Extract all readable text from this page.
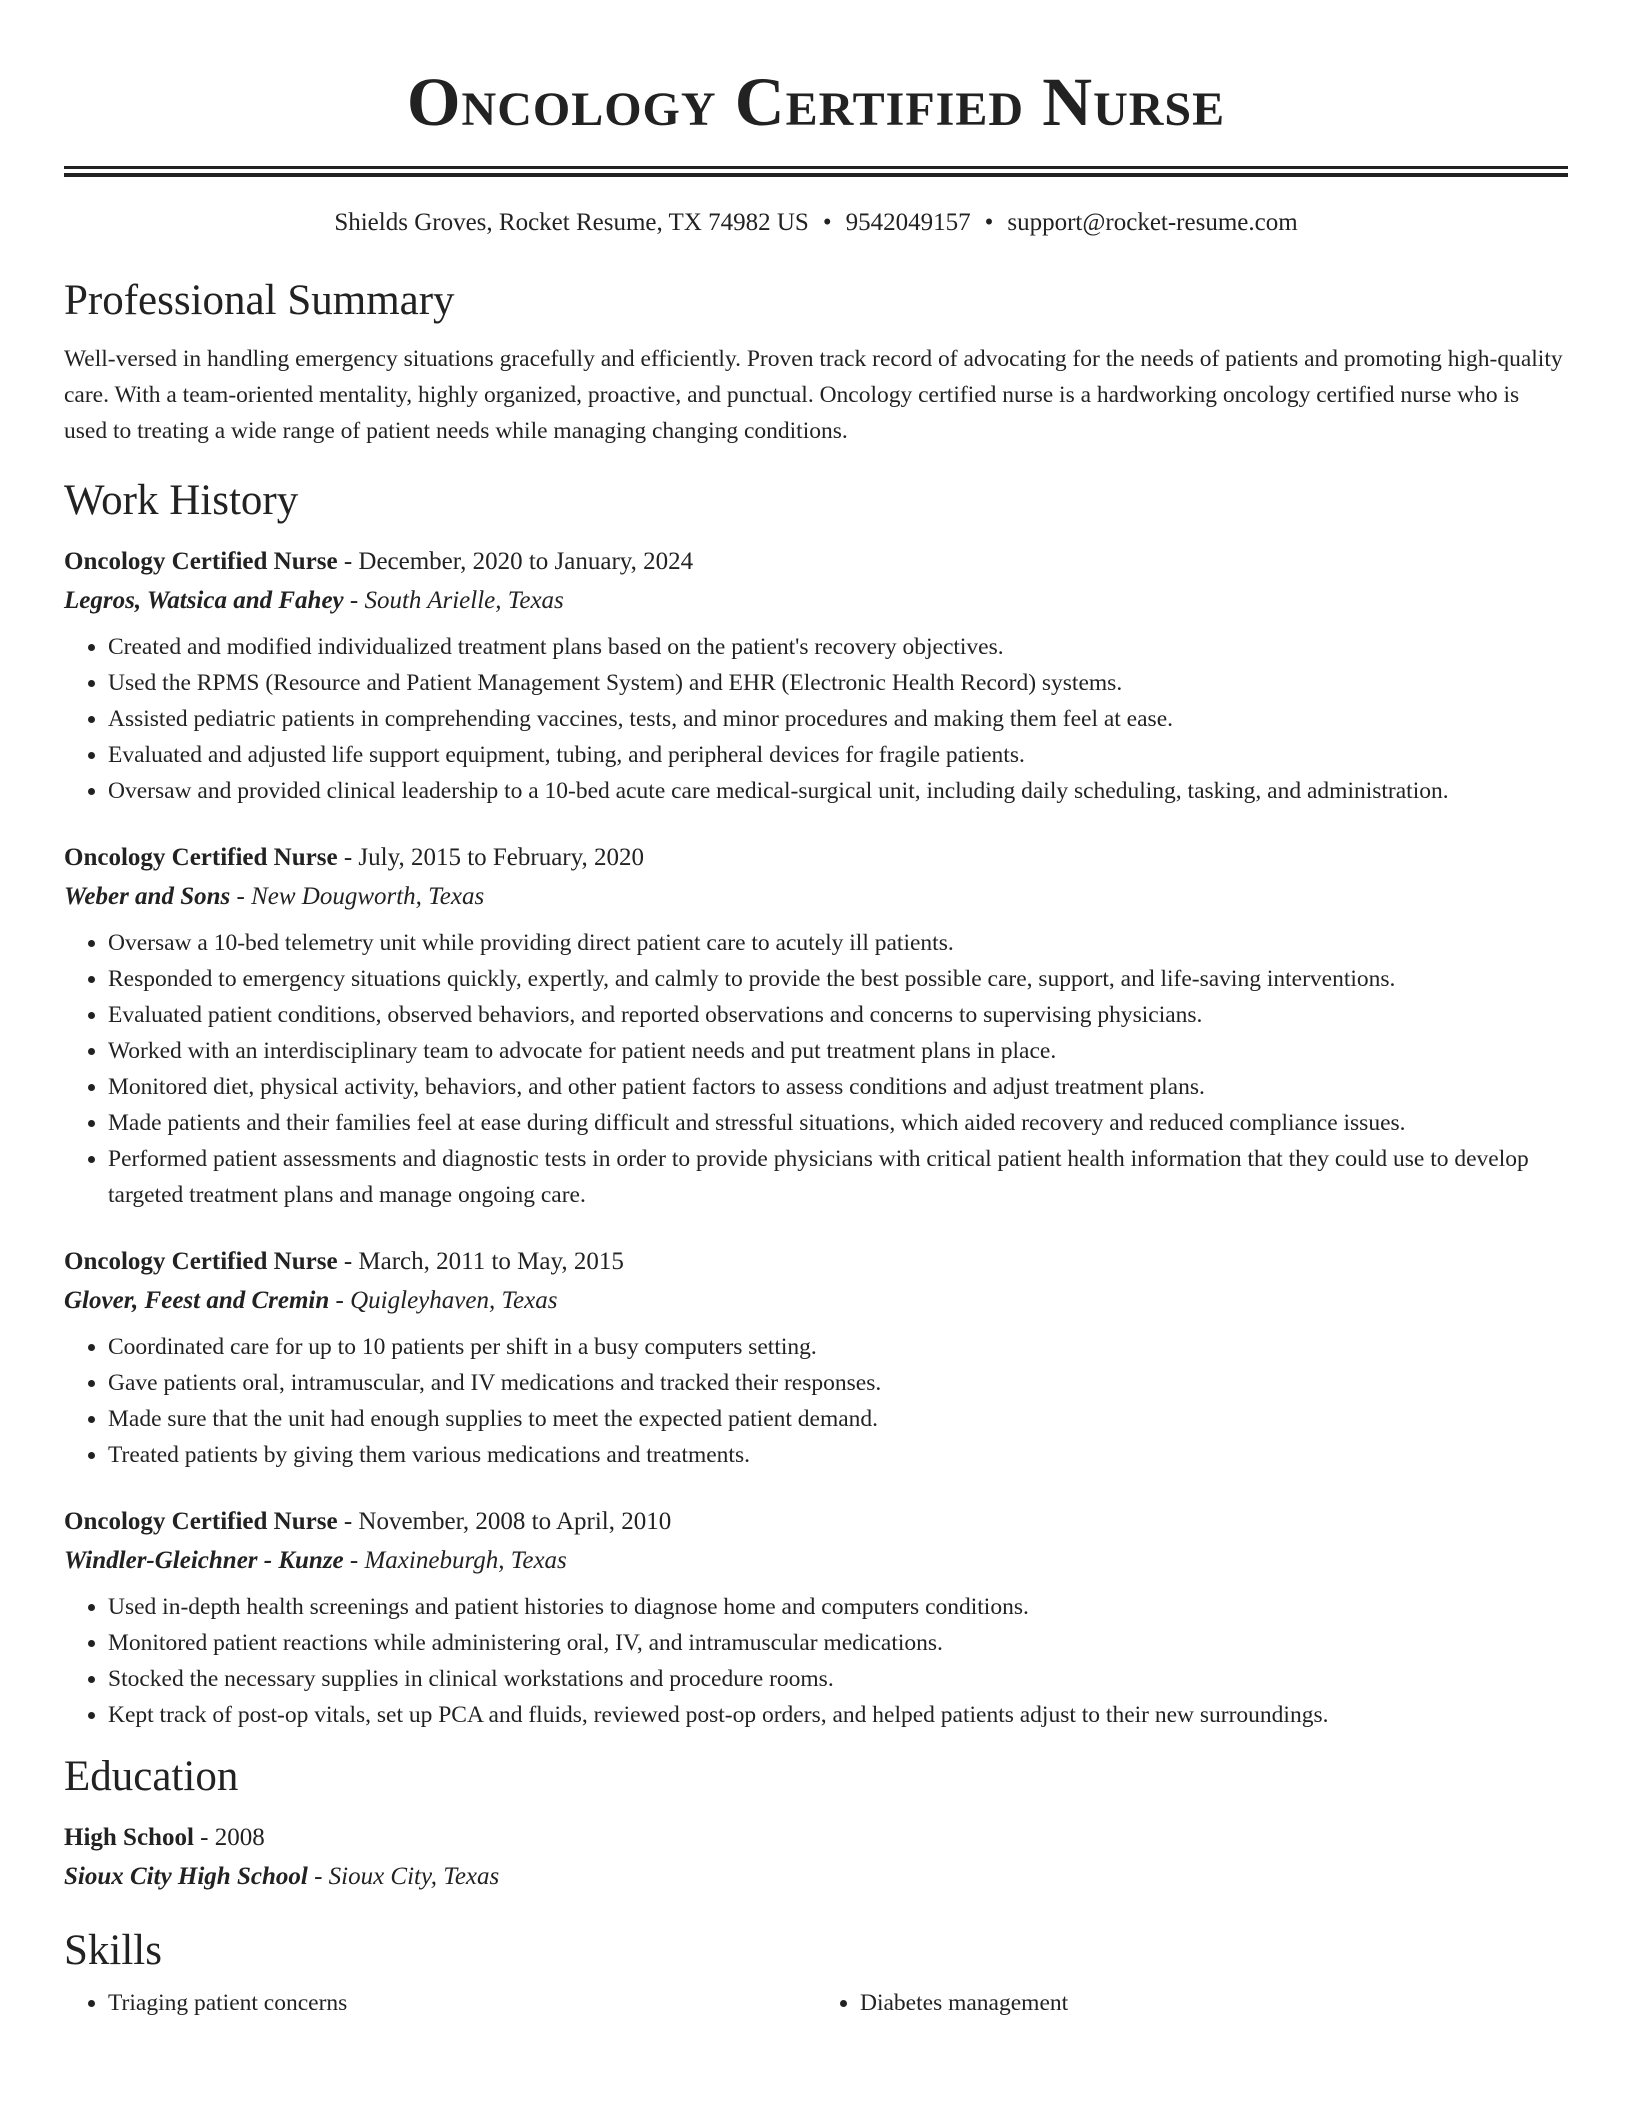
Oncology Certified Nurse
Shields Groves, Rocket Resume, TX 74982 US • 9542049157 • support@rocket-resume.com
Professional Summary

Well-versed in handling emergency situations gracefully and efficiently. Proven track record of advocating for the needs of patients and promoting high-quality care. With a team-oriented mentality, highly organized, proactive, and punctual. Oncology certified nurse is a hardworking oncology certified nurse who is used to treating a wide range of patient needs while managing changing conditions.

Work History
Oncology Certified Nurse - December, 2020 to January, 2024
Legros, Watsica and Fahey - South Arielle, Texas
• Created and modified individualized treatment plans based on the patient's recovery objectives.
• Used the RPMS (Resource and Patient Management System) and EHR (Electronic Health Record) systems.
• Assisted pediatric patients in comprehending vaccines, tests, and minor procedures and making them feel at ease.
• Evaluated and adjusted life support equipment, tubing, and peripheral devices for fragile patients.
• Oversaw and provided clinical leadership to a 10-bed acute care medical-surgical unit, including daily scheduling, tasking, and administration.
Oncology Certified Nurse - July, 2015 to February, 2020
Weber and Sons - New Dougworth, Texas
• Oversaw a 10-bed telemetry unit while providing direct patient care to acutely ill patients.
• Responded to emergency situations quickly, expertly, and calmly to provide the best possible care, support, and life-saving interventions.
• Evaluated patient conditions, observed behaviors, and reported observations and concerns to supervising physicians.
• Worked with an interdisciplinary team to advocate for patient needs and put treatment plans in place.
• Monitored diet, physical activity, behaviors, and other patient factors to assess conditions and adjust treatment plans.
• Made patients and their families feel at ease during difficult and stressful situations, which aided recovery and reduced compliance issues.
• Performed patient assessments and diagnostic tests in order to provide physicians with critical patient health information that they could use to develop targeted treatment plans and manage ongoing care.
Oncology Certified Nurse - March, 2011 to May, 2015
Glover, Feest and Cremin - Quigleyhaven, Texas
• Coordinated care for up to 10 patients per shift in a busy computers setting.
• Gave patients oral, intramuscular, and IV medications and tracked their responses.
• Made sure that the unit had enough supplies to meet the expected patient demand.
• Treated patients by giving them various medications and treatments.
Oncology Certified Nurse - November, 2008 to April, 2010
Windler-Gleichner - Kunze - Maxineburgh, Texas
• Used in-depth health screenings and patient histories to diagnose home and computers conditions.
• Monitored patient reactions while administering oral, IV, and intramuscular medications.
• Stocked the necessary supplies in clinical workstations and procedure rooms.
• Kept track of post-op vitals, set up PCA and fluids, reviewed post-op orders, and helped patients adjust to their new surroundings.
Education
High School - 2008
Sioux City High School - Sioux City, Texas
Skills
• Triaging patient concerns
•	Diabetes management
